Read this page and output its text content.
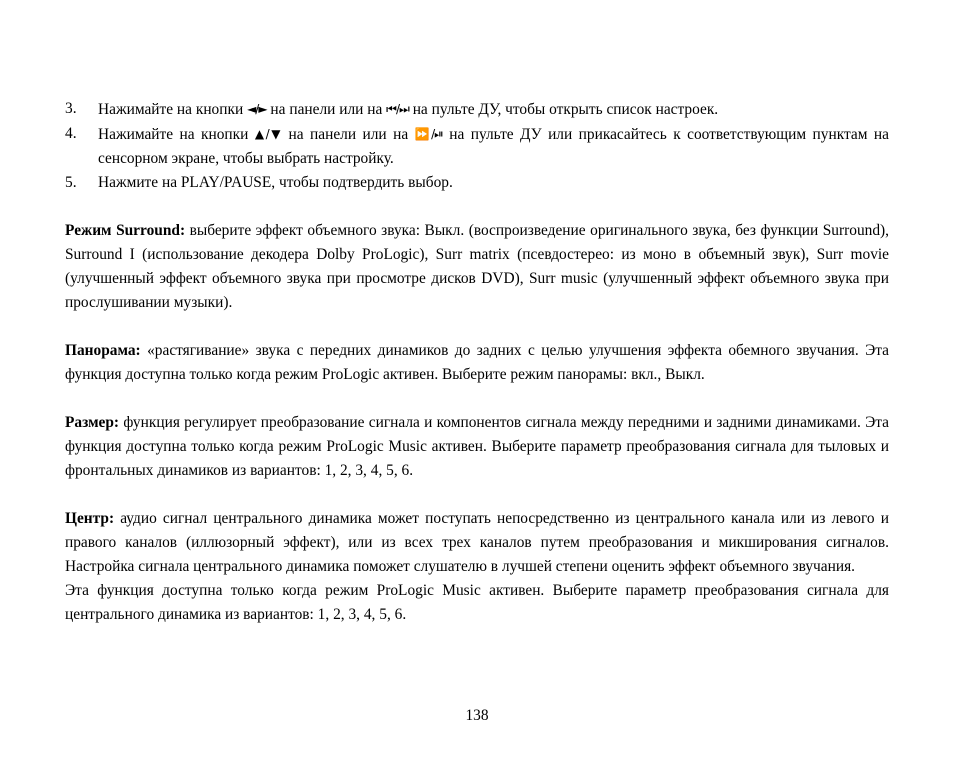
3.	Нажимайте на кнопки ◄/► на панели или на ⏮/⏭ на пульте ДУ, чтобы открыть список настроек.
4.	Нажимайте на кнопки ▲/▼ на панели или на ⏩/⏯ на пульте ДУ или прикасайтесь к соответствующим пунктам на сенсорном экране, чтобы выбрать настройку.
5.	Нажмите на PLAY/PAUSE, чтобы подтвердить выбор.

Режим Surround: выберите эффект объемного звука: Выкл. (воспроизведение оригинального звука, без функции Surround), Surround I (использование декодера Dolby ProLogic), Surr matrix (псевдостерео: из моно в объемный звук), Surr movie (улучшенный эффект объемного звука при просмотре дисков DVD), Surr music (улучшенный эффект объемного звука при прослушивании музыки).

Панорама: «растягивание» звука с передних динамиков до задних с целью улучшения эффекта обемного звучания. Эта функция доступна только когда режим ProLogic активен. Выберите режим панорамы: вкл., Выкл.

Размер: функция регулирует преобразование сигнала и компонентов сигнала между передними и задними динамиками. Эта функция доступна только когда режим ProLogic Music активен. Выберите параметр преобразования сигнала для тыловых и фронтальных динамиков из вариантов: 1, 2, 3, 4, 5, 6.

Центр: аудио сигнал центрального динамика может поступать непосредственно из центрального канала или из левого и правого каналов (иллюзорный эффект), или из всех трех каналов путем преобразования и микширования сигналов. Настройка сигнала центрального динамика поможет слушателю в лучшей степени оценить эффект объемного звучания.

Эта функция доступна только когда режим ProLogic Music активен. Выберите параметр преобразования сигнала для центрального динамика из вариантов: 1, 2, 3, 4, 5, 6.

138
